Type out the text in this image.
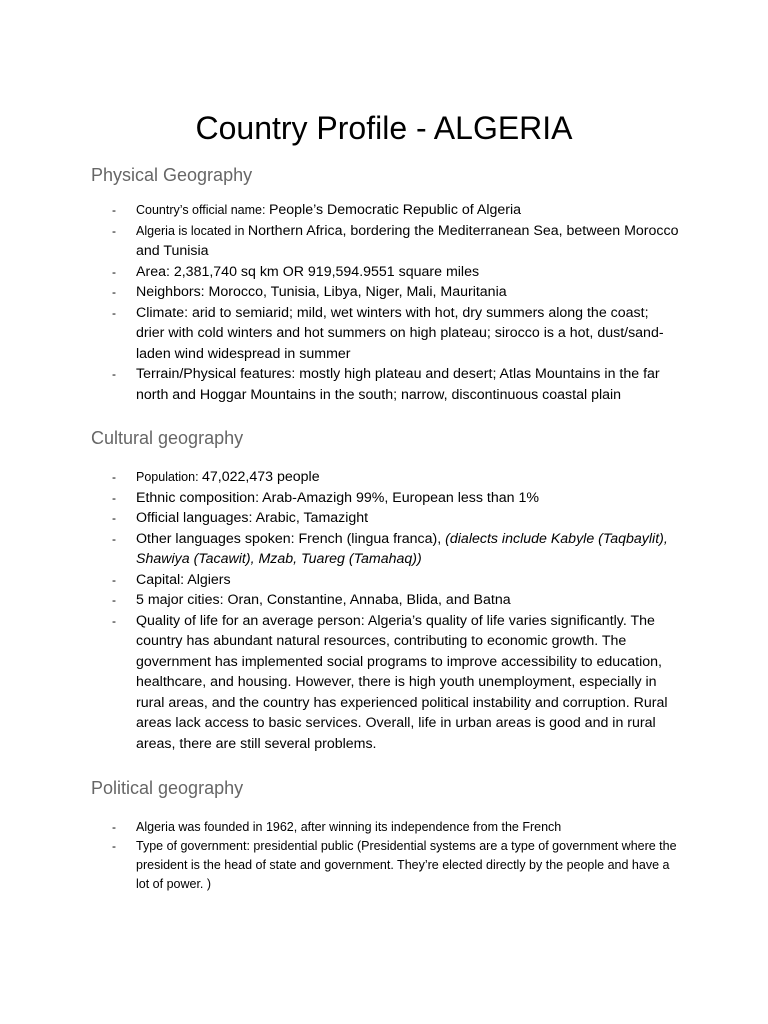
Country Profile - ALGERIA
Physical Geography
- Country’s official name: People’s Democratic Republic of Algeria
- Algeria is located in Northern Africa, bordering the Mediterranean Sea, between Morocco and Tunisia
- Area: 2,381,740 sq km OR 919,594.9551 square miles
- Neighbors: Morocco, Tunisia, Libya, Niger, Mali, Mauritania
- Climate: arid to semiarid; mild, wet winters with hot, dry summers along the coast; drier with cold winters and hot summers on high plateau; sirocco is a hot, dust/sand-laden wind widespread in summer
- Terrain/Physical features: mostly high plateau and desert; Atlas Mountains in the far north and Hoggar Mountains in the south; narrow, discontinuous coastal plain
Cultural geography
- Population: 47,022,473 people
- Ethnic composition: Arab-Amazigh 99%, European less than 1%
- Official languages: Arabic, Tamazight
- Other languages spoken: French (lingua franca), (dialects include Kabyle (Taqbaylit), Shawiya (Tacawit), Mzab, Tuareg (Tamahaq))
- Capital: Algiers
- 5 major cities: Oran, Constantine, Annaba, Blida, and Batna
- Quality of life for an average person: Algeria’s quality of life varies significantly. The country has abundant natural resources, contributing to economic growth. The government has implemented social programs to improve accessibility to education, healthcare, and housing. However, there is high youth unemployment, especially in rural areas, and the country has experienced political instability and corruption. Rural areas lack access to basic services. Overall, life in urban areas is good and in rural areas, there are still several problems.
Political geography
- Algeria was founded in 1962, after winning its independence from the French
- Type of government: presidential public (Presidential systems are a type of government where the president is the head of state and government. They’re elected directly by the people and have a lot of power. )
